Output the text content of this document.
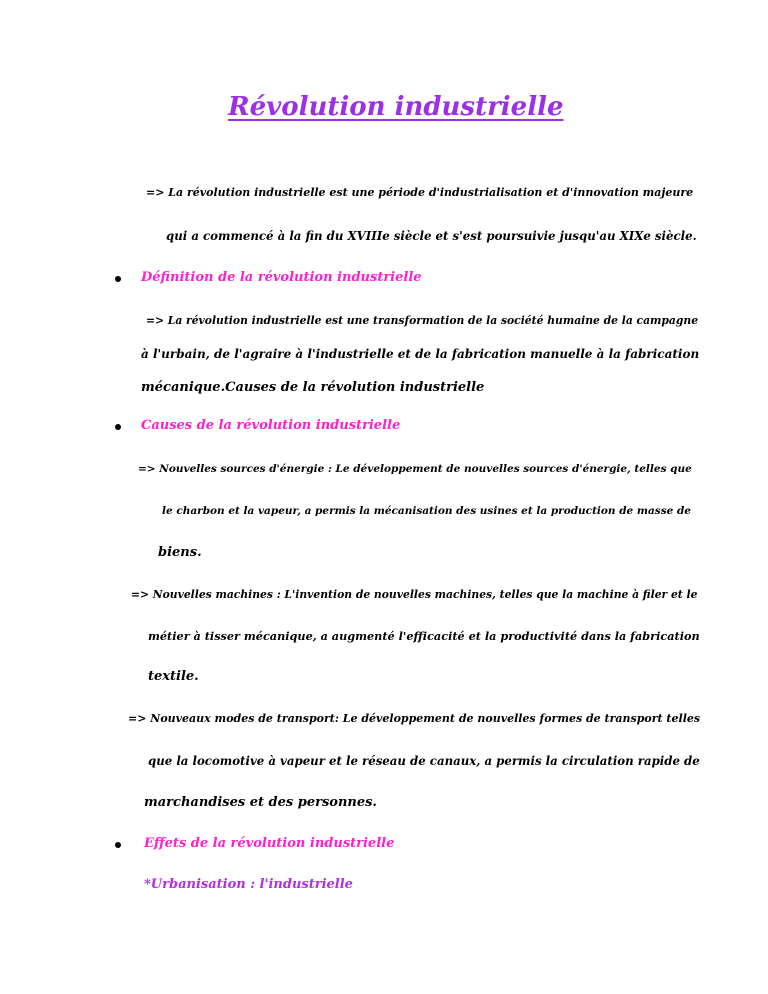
Révolution industrielle
=> La révolution industrielle est une période d'industrialisation et d'innovation majeure
qui a commencé à la fin du XVIIIe siècle et s'est poursuivie jusqu'au XIXe siècle.
Définition de la révolution industrielle
=> La révolution industrielle est une transformation de la société humaine de la campagne
à l'urbain, de l'agraire à l'industrielle et de la fabrication manuelle à la fabrication
mécanique.Causes de la révolution industrielle
Causes de la révolution industrielle
=> Nouvelles sources d'énergie : Le développement de nouvelles sources d'énergie, telles que
le charbon et la vapeur, a permis la mécanisation des usines et la production de masse de
biens.
=> Nouvelles machines : L'invention de nouvelles machines, telles que la machine à filer et le
métier à tisser mécanique, a augmenté l'efficacité et la productivité dans la fabrication
textile.
=> Nouveaux modes de transport: Le développement de nouvelles formes de transport telles
que la locomotive à vapeur et le réseau de canaux, a permis la circulation rapide de
marchandises et des personnes.
Effets de la révolution industrielle
*Urbanisation : l'industrielle
